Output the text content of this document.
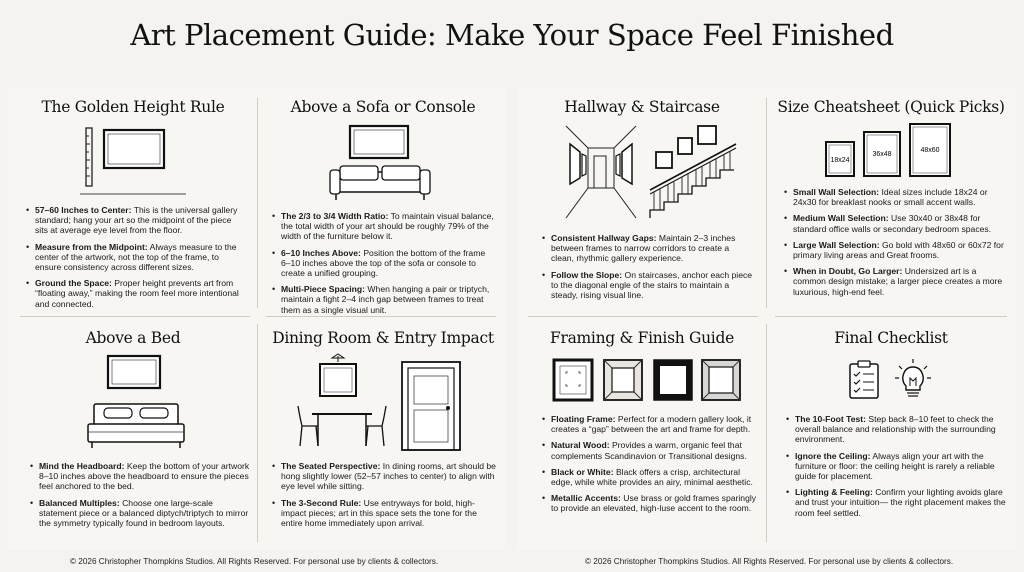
Art Placement Guide: Make Your Space Feel Finished
The Golden Height Rule
• 57–60 Inches to Center: This is the universal gallery standard; hang your art so the midpoint of the piece sits at average eye level from the floor.
• Measure from the Midpoint: Always measure to the center of the artwork, not the top of the frame, to ensure consistency across different sizes.
• Ground the Space: Proper height prevents art from “floating away,” making the room feel more intentional and connected.
Above a Sofa or Console
• The 2/3 to 3/4 Width Ratio: To maintain visual balance, the total width of your art should be roughly 79% of the width of the furniture below it.
• 6–10 Inches Above: Position the bottom of the frame 6–10 inches above the top of the sofa or console to create a unified grouping.
• Multi-Piece Spacing: When hanging a pair or triptych, maintain a fight 2–4 inch gap between frames to treat them as a single visual unit.
Hallway & Staircase
• Consistent Hallway Gaps: Maintain 2–3 inches between frames to narrow corridors to create a clean, rhythmic gallery experience.
• Follow the Slope: On staircases, anchor each piece to the diagonal engle of the stairs to maintain a steady, rising visual line.
Size Cheatsheet (Quick Picks)
18x24
36x48
48x60
• Small Wall Selection: Ideal sizes include 18x24 or 24x30 for breaklast nooks or small accent walls.
• Medium Wall Selection: Use 30x40 or 38x48 for standard office walls or secondary bedroom spaces.
• Large Wall Selection: Go bold with 48x60 or 60x72 for primary living areas and Great frooms.
• When in Doubt, Go Larger: Undersized art is a common design mistake; a larger piece creates a more luxurious, high-end feel.
Above a Bed
• Mind the Headboard: Keep the bottom of your artwork 8–10 inches above the headboard to ensure the pieces feel anchored to the bed.
• Balanced Multiples: Choose one large-scale statement piece or a balanced diptych/triptych to mirror the symmetry typically found in bedroom layouts.
Dining Room & Entry Impact
• The Seated Perspective: In dining rooms, art should be hong slightly lower (52–57 inches to center) to align with eye level while sitting.
• The 3-Second Rule: Use entryways for bold, high-impact pieces; art in this space sets the tone for the entire home immediately upon arrival.
Framing & Finish Guide
• Floating Frame: Perfect for a modern gallery look, it creates a “gap” between the art and frame for depth.
• Natural Wood: Provides a warm, organic feel that complements Scandinavion or Transitional designs.
• Black or White: Black offers a crisp, architectural edge, while white provides an airy, minimal aesthetic.
• Metallic Accents: Use brass or gold frames sparingly to provide an elevated, high-luse accent to the room.
Final Checklist
• The 10-Foot Test: Step back 8–10 feet to check the overall balance and relationship with the surrounding environment.
• Ignore the Ceiling: Always align your art with the furniture or floor: the ceiling height is rarely a reliable guide for placement.
• Lighting & Feeling: Confirm your lighting avoids glare and trust your intuition— the right placement makes the room feel settled.
© 2026 Christopher Thompkins Studios. All Rights Reserved. For personal use by clients & collectors.	© 2026 Christopher Thompkins Studios. All Rights Reserved. For personal use by clients & collectors.
